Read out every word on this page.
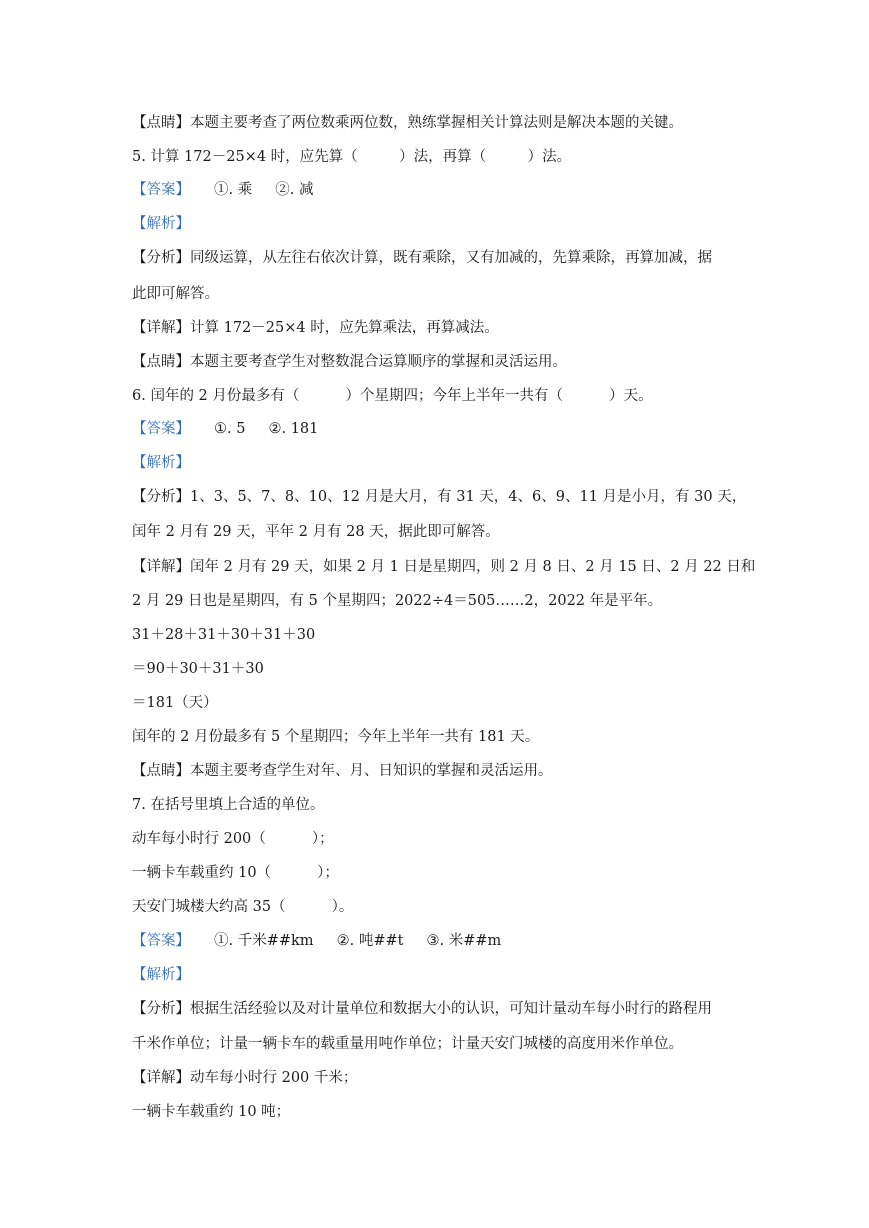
【点睛】本题主要考查了两位数乘两位数，熟练掌握相关计算法则是解决本题的关键。
5. 计算 172－25×4 时，应先算（         ）法，再算（         ）法。
【答案】 ①. 乘     ②. 减
【解析】
【分析】同级运算，从左往右依次计算，既有乘除，又有加减的，先算乘除，再算加减，据
此即可解答。
【详解】计算 172－25×4 时，应先算乘法，再算减法。
【点睛】本题主要考查学生对整数混合运算顺序的掌握和灵活运用。
6. 闰年的 2 月份最多有（          ）个星期四；今年上半年一共有（          ）天。
【答案】 ①. 5     ②. 181
【解析】
【分析】1、3、5、7、8、10、12 月是大月，有 31 天，4、6、9、11 月是小月，有 30 天，
闰年 2 月有 29 天，平年 2 月有 28 天，据此即可解答。
【详解】闰年 2 月有 29 天，如果 2 月 1 日是星期四，则 2 月 8 日、2 月 15 日、2 月 22 日和
2 月 29 日也是星期四，有 5 个星期四；2022÷4＝505……2，2022 年是平年。
31＋28＋31＋30＋31＋30
＝90＋30＋31＋30
＝181（天）
闰年的 2 月份最多有 5 个星期四；今年上半年一共有 181 天。
【点睛】本题主要考查学生对年、月、日知识的掌握和灵活运用。
7. 在括号里填上合适的单位。
动车每小时行 200（          ）；
一辆卡车载重约 10（          ）；
天安门城楼大约高 35（          ）。
【答案】 ①. 千米##km     ②. 吨##t     ③. 米##m
【解析】
【分析】根据生活经验以及对计量单位和数据大小的认识，可知计量动车每小时行的路程用
千米作单位；计量一辆卡车的载重量用吨作单位；计量天安门城楼的高度用米作单位。
【详解】动车每小时行 200 千米；
一辆卡车载重约 10 吨；
